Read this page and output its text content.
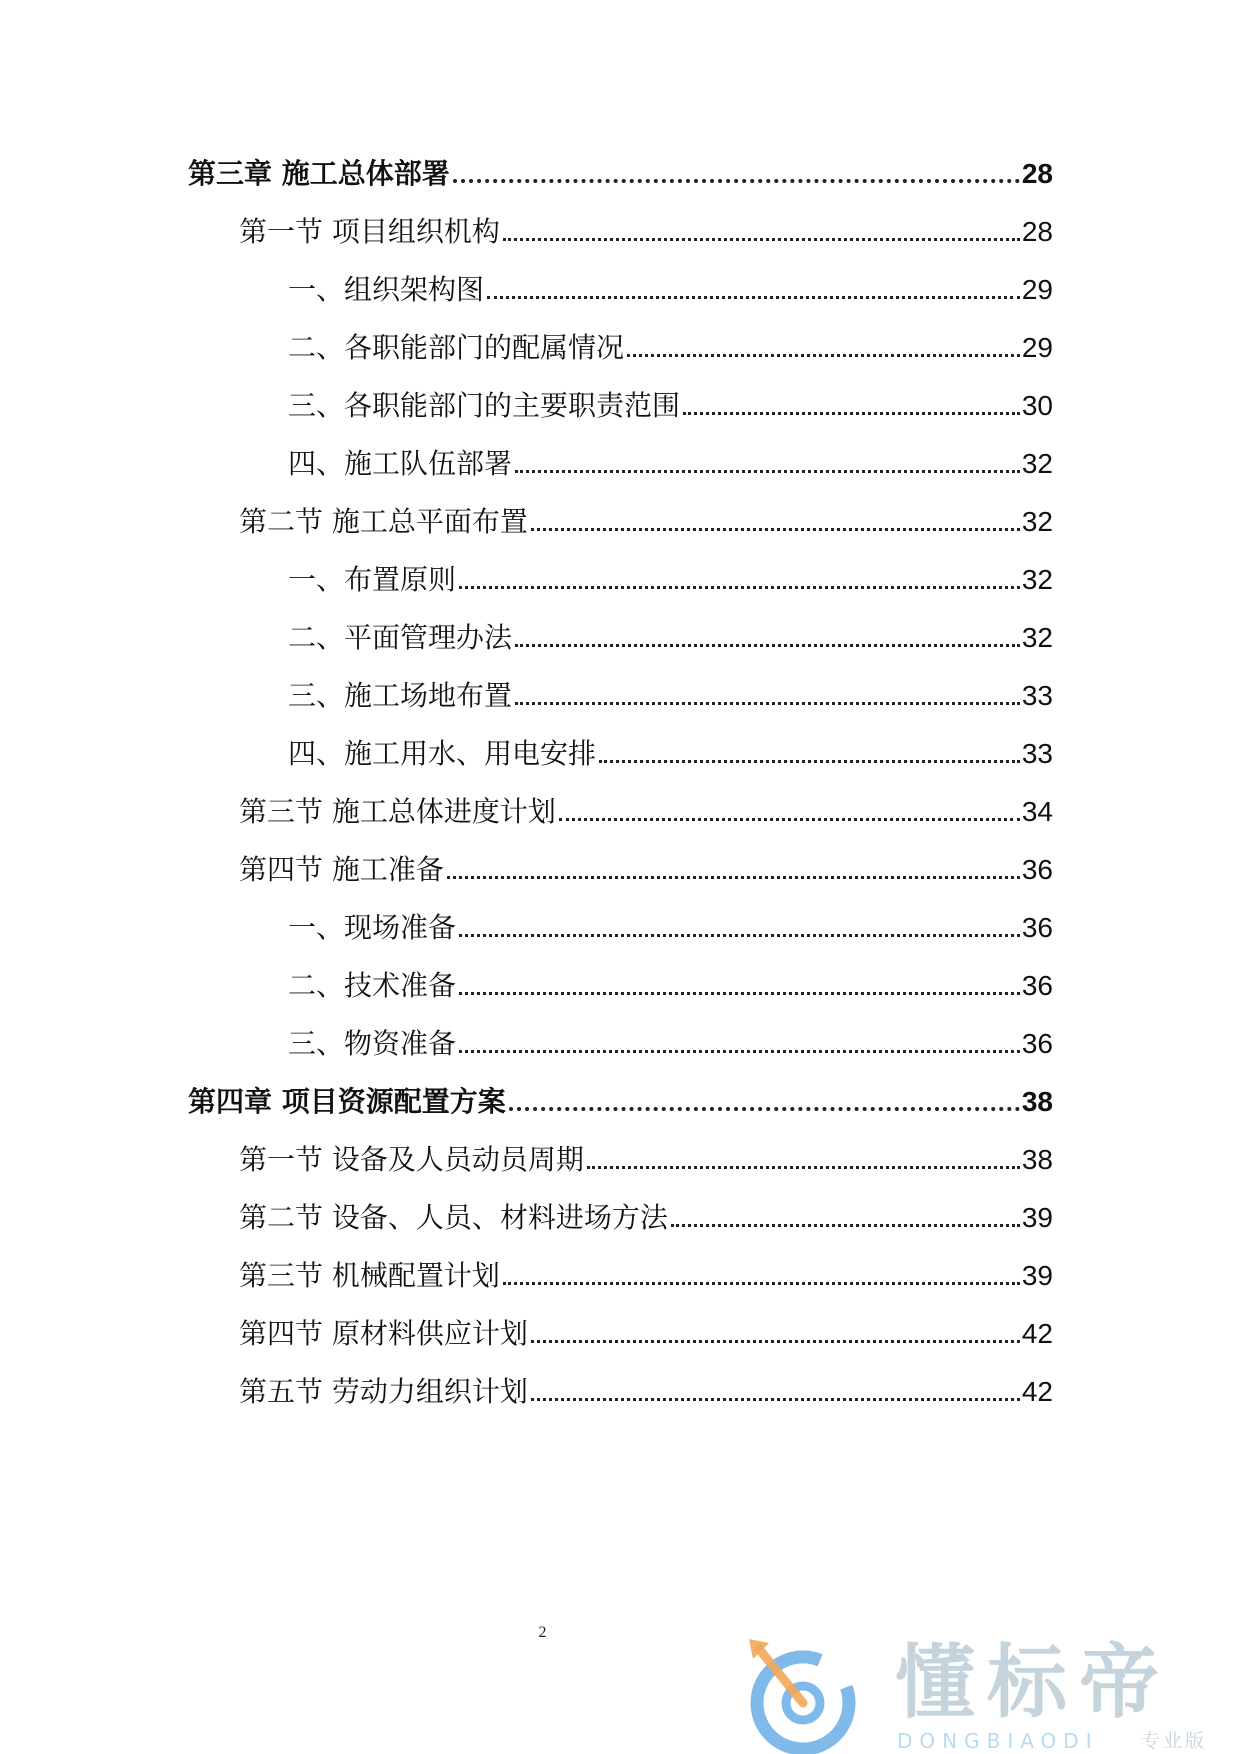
第三章 施工总体部署	28
第一节 项目组织机构	28
一、组织架构图	29
二、各职能部门的配属情况	29
三、各职能部门的主要职责范围	30
四、施工队伍部署	32
第二节 施工总平面布置	32
一、布置原则	32
二、平面管理办法	32
三、施工场地布置	33
四、施工用水、用电安排	33
第三节 施工总体进度计划	34
第四节 施工准备	36
一、现场准备	36
二、技术准备	36
三、物资准备	36
第四章 项目资源配置方案	38
第一节 设备及人员动员周期	38
第二节 设备、人员、材料进场方法	39
第三节 机械配置计划	39
第四节 原材料供应计划	42
第五节 劳动力组织计划	42
2
懂标帝
DONGBIAODI 专业版
